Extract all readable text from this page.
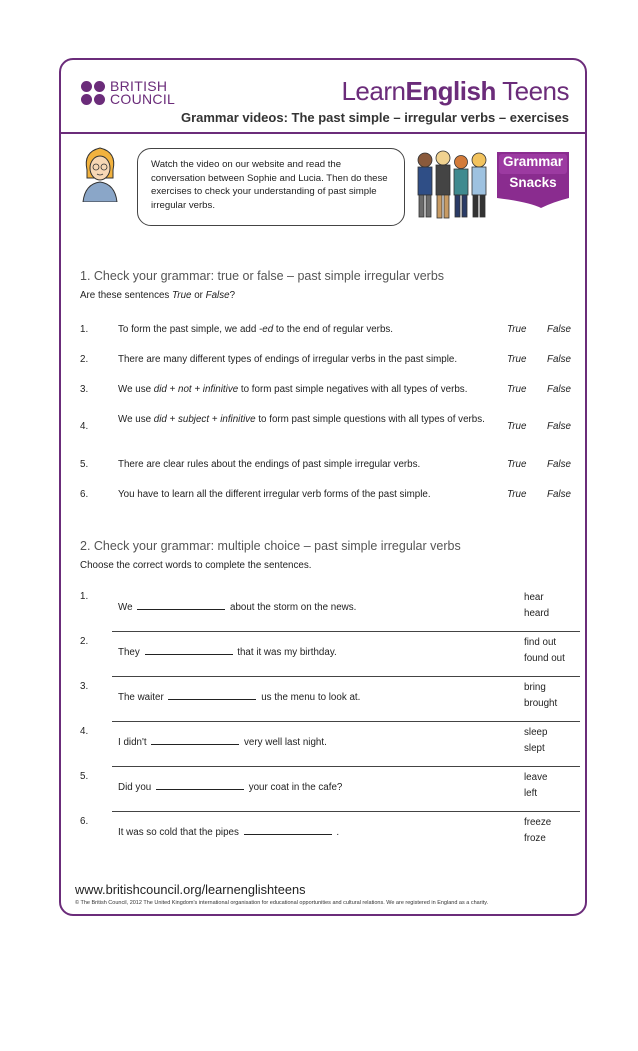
BRITISH
COUNCIL	LearnEnglish Teens
Grammar videos: The past simple – irregular verbs – exercises
Watch the video on our website and read the conversation between Sophie and Lucia. Then do these exercises to check your understanding of past simple irregular verbs.
Grammar
Snacks
1. Check your grammar: true or false – past simple irregular verbs
Are these sentences True or False?
1.	To form the past simple, we add -ed to the end of regular verbs.	True False
2.	There are many different types of endings of irregular verbs in the past simple.	True False
3.	We use did + not + infinitive to form past simple negatives with all types of verbs.	True False
4.
We use did + subject + infinitive to form past simple questions with all types of verbs.
True False
5.	There are clear rules about the endings of past simple irregular verbs.	True False
6.	You have to learn all the different irregular verb forms of the past simple.	True False
2. Check your grammar: multiple choice – past simple irregular verbs
Choose the correct words to complete the sentences.
1.
We	about the storm on the news.
hear
heard
2.
They	that it was my birthday.
find out
found out
3.
The waiter	us the menu to look at.
bring
brought
4.
I didn't	very well last night.
sleep
slept
5.
Did you	your coat in the cafe?
leave
left
6.
It was so cold that the pipes	.
freeze
froze
www.britishcouncil.org/learnenglishteens
© The British Council, 2012 The United Kingdom's international organisation for educational opportunities and cultural relations. We are registered in England as a charity.
